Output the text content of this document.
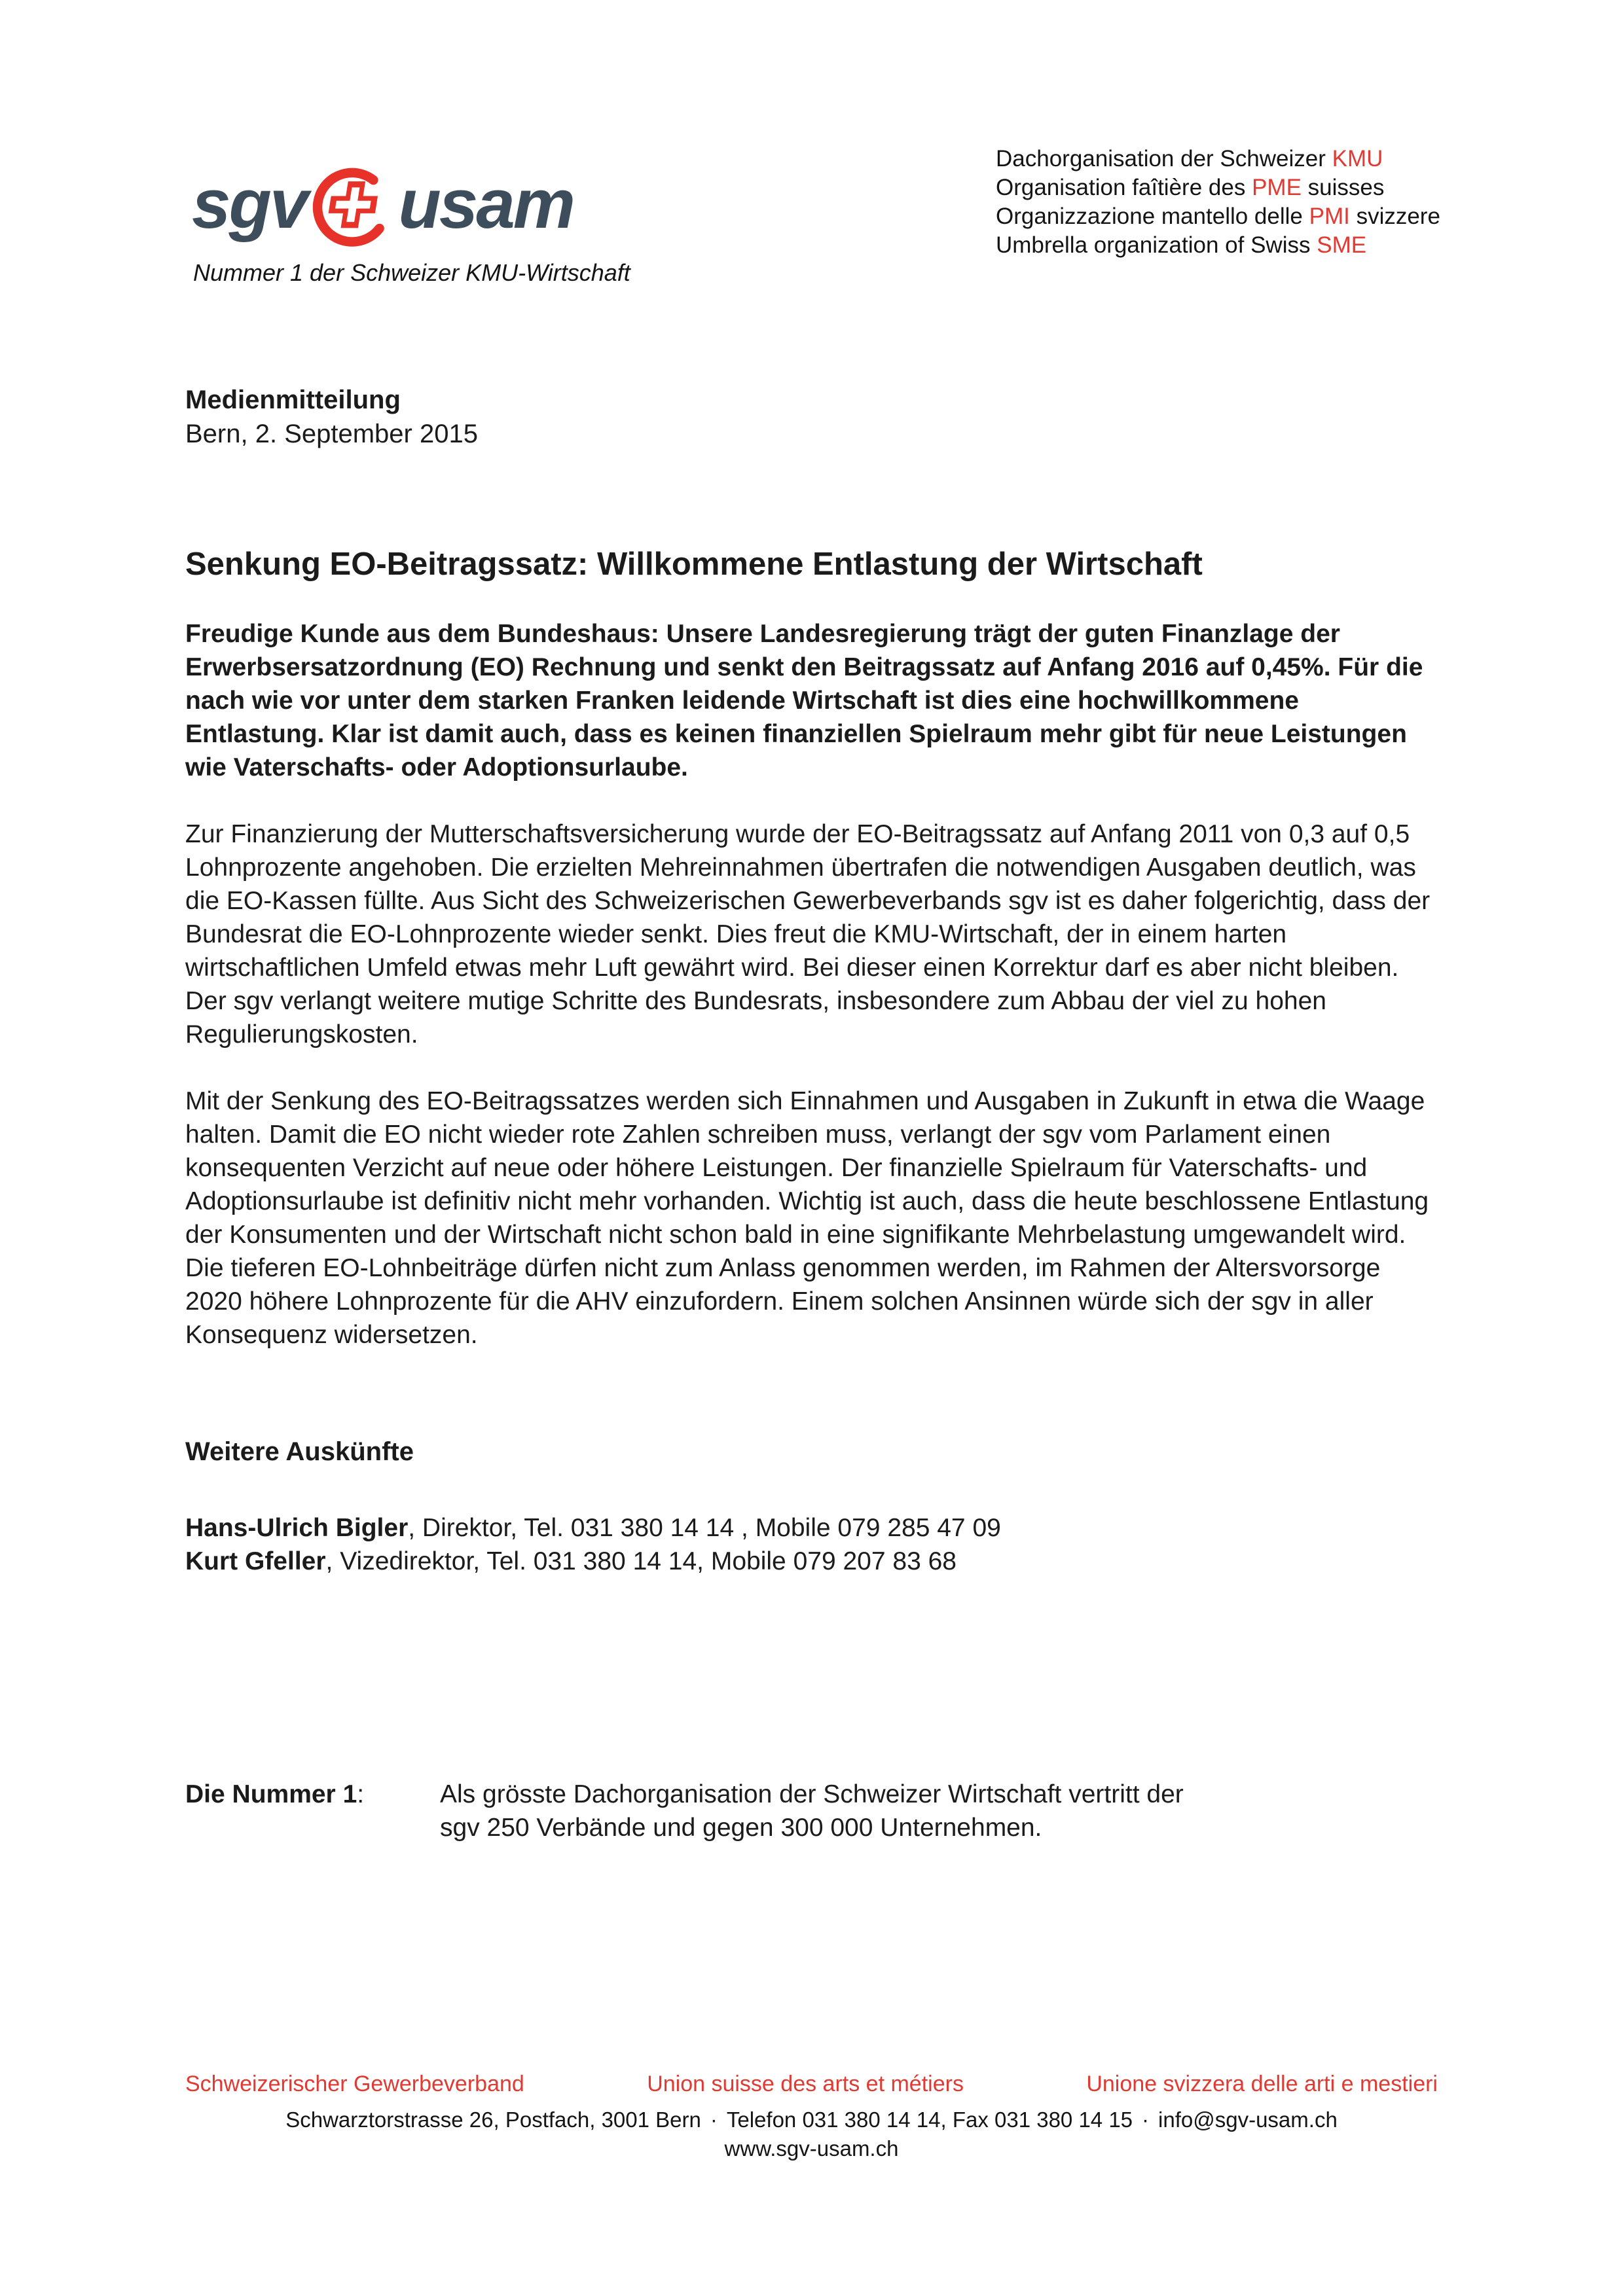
sgv usam
Nummer 1 der Schweizer KMU-Wirtschaft
Dachorganisation der Schweizer KMU
Organisation faîtière des PME suisses
Organizzazione mantello delle PMI svizzere
Umbrella organization of Swiss SME
Medienmitteilung
Bern, 2. September 2015
Senkung EO-Beitragssatz: Willkommene Entlastung der Wirtschaft

Freudige Kunde aus dem Bundeshaus: Unsere Landesregierung trägt der guten Finanzlage der Erwerbsersatzordnung (EO) Rechnung und senkt den Beitragssatz auf Anfang 2016 auf 0,45%. Für die nach wie vor unter dem starken Franken leidende Wirtschaft ist dies eine hochwillkommene Entlastung. Klar ist damit auch, dass es keinen finanziellen Spielraum mehr gibt für neue Leistungen wie Vaterschafts- oder Adoptionsurlaube.

Zur Finanzierung der Mutterschaftsversicherung wurde der EO-Beitragssatz auf Anfang 2011 von 0,3 auf 0,5 Lohnprozente angehoben. Die erzielten Mehreinnahmen übertrafen die notwendigen Ausgaben deutlich, was die EO-Kassen füllte. Aus Sicht des Schweizerischen Gewerbeverbands sgv ist es daher folgerichtig, dass der Bundesrat die EO-Lohnprozente wieder senkt. Dies freut die KMU-Wirtschaft, der in einem harten wirtschaftlichen Umfeld etwas mehr Luft gewährt wird. Bei dieser einen Korrektur darf es aber nicht bleiben. Der sgv verlangt weitere mutige Schritte des Bundesrats, insbesondere zum Abbau der viel zu hohen Regulierungskosten.

Mit der Senkung des EO-Beitragssatzes werden sich Einnahmen und Ausgaben in Zukunft in etwa die Waage halten. Damit die EO nicht wieder rote Zahlen schreiben muss, verlangt der sgv vom Parlament einen konsequenten Verzicht auf neue oder höhere Leistungen. Der finanzielle Spielraum für Vaterschafts- und Adoptionsurlaube ist definitiv nicht mehr vorhanden. Wichtig ist auch, dass die heute beschlossene Entlastung der Konsumenten und der Wirtschaft nicht schon bald in eine signifikante Mehrbelastung umgewandelt wird. Die tieferen EO-Lohnbeiträge dürfen nicht zum Anlass genommen werden, im Rahmen der Altersvorsorge 2020 höhere Lohnprozente für die AHV einzufordern. Einem solchen Ansinnen würde sich der sgv in aller Konsequenz widersetzen.

Weitere Auskünfte
Hans-Ulrich Bigler, Direktor, Tel. 031 380 14 14 , Mobile 079 285 47 09
Kurt Gfeller, Vizedirektor, Tel. 031 380 14 14, Mobile 079 207 83 68
Die Nummer 1:	Als grösste Dachorganisation der Schweizer Wirtschaft vertritt der sgv 250 Verbände und gegen 300 000 Unternehmen.
Schweizerischer Gewerbeverband	Union suisse des arts et métiers	Unione svizzera delle arti e mestieri
Schwarztorstrasse 26, Postfach, 3001 Bern · Telefon 031 380 14 14, Fax 031 380 14 15 · info@sgv-usam.ch
www.sgv-usam.ch
